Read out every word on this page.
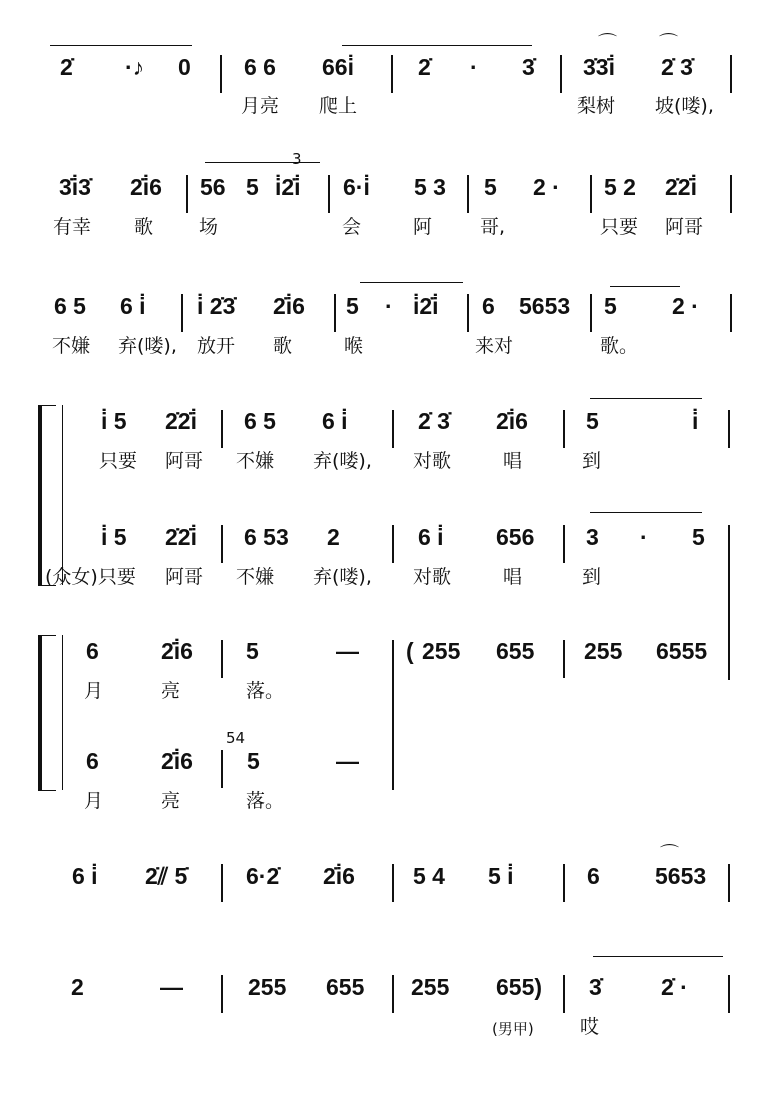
2̇ ·♪ 0 6 6 66i̇	2̇ · 3̇ 3̇3̇i̇ 2̇ 3̇
月亮 爬上	梨树 坡(喽),
3̇i̇3̇ 2̇i̇6 56 5 i̇2̇i̇ 6·i̇ 5 3 5 2 · 5 2 2̇2̇i̇
有幸 歌 场	会	阿	哥,	只要 阿哥
6 5 6 i̇ i̇ 2̇3̇ 2̇i̇6 5 · i̇2̇i̇ 6 5653 5 2 ·
不嫌 弃(喽), 放开 歌	喉	来对	歌。
i̇ 5 2̇2̇i̇ 6 5 6 i̇	2̇ 3̇ 2̇i̇6	5	i̇
只要 阿哥 不嫌 弃(喽), 对歌	唱	到
i̇ 5 2̇2̇i̇ 6 53 2	6 i̇ 656 3 · 5
(众女)只要 阿哥 不嫌 弃(喽), 对歌	唱	到
6	2̇i̇6 5	— ( 255 655 255 6555
月	亮	落。
6	2̇i̇6 5	—
月	亮	落。
6 i̇ 2̇⫽ 5̇	6·2̇ 2̇i̇6	5 4 5 i̇	6 5653
2	—	255 655 255 655) 3̇	2̇ ·
(男甲) 哎
3
54
⌒ ⌒
⌒
